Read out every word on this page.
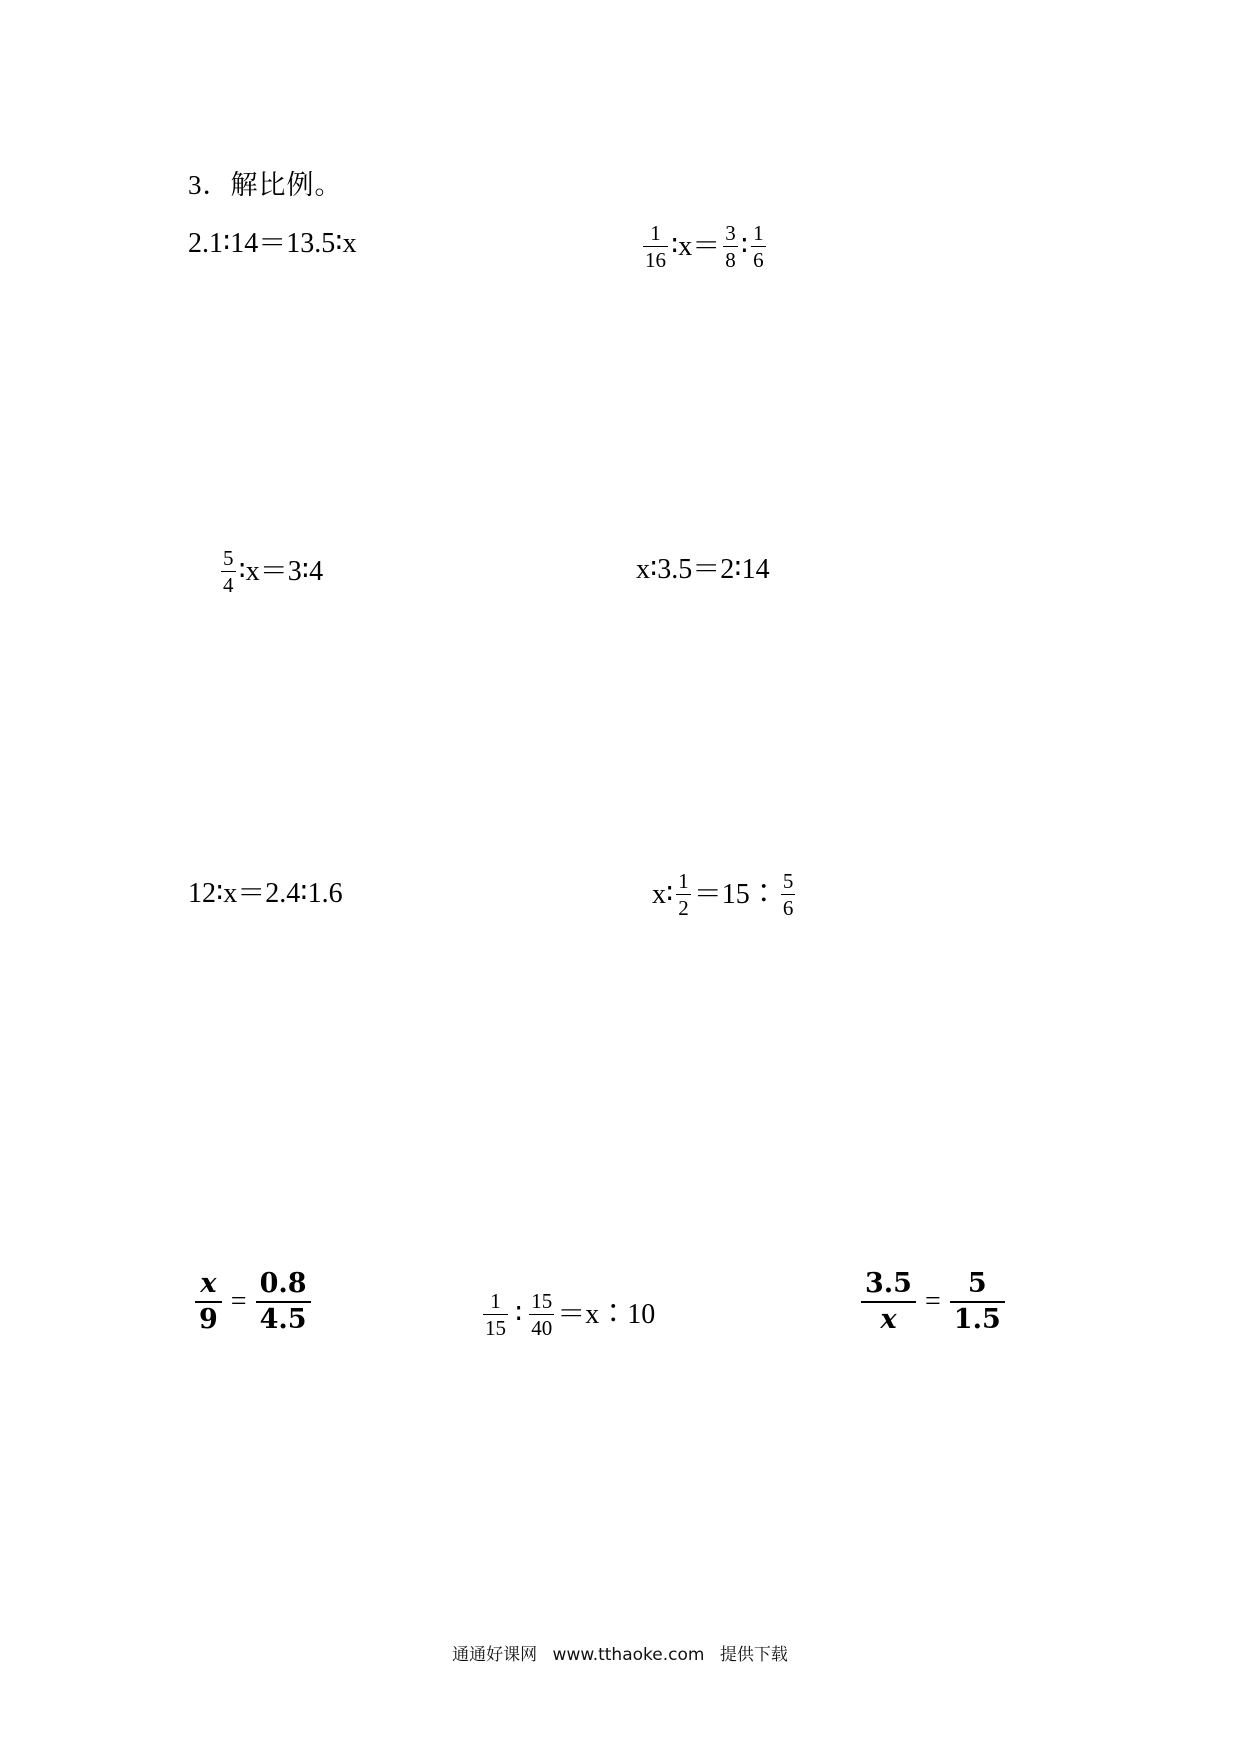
3．解比例。
2.1∶14＝13.5∶x	$\frac{1}{16}$ ∶x＝ $\frac{3}{8}$ ∶ $\frac{1}{6}$
$\frac{5}{4}$ ∶x＝3∶4	x∶3.5＝2∶14
12∶x＝2.4∶1.6	x∶ $\frac{1}{2}$ ＝15∶ $\frac{5}{6}$
$\frac{x}{9} = \frac{0.8}{4.5}$	$\frac{1}{15}$ ∶ $\frac{15}{40}$ ＝x∶10	$\frac{3.5}{x} = \frac{5}{1.5}$
通通好课网 www.tthaoke.com 提供下载
